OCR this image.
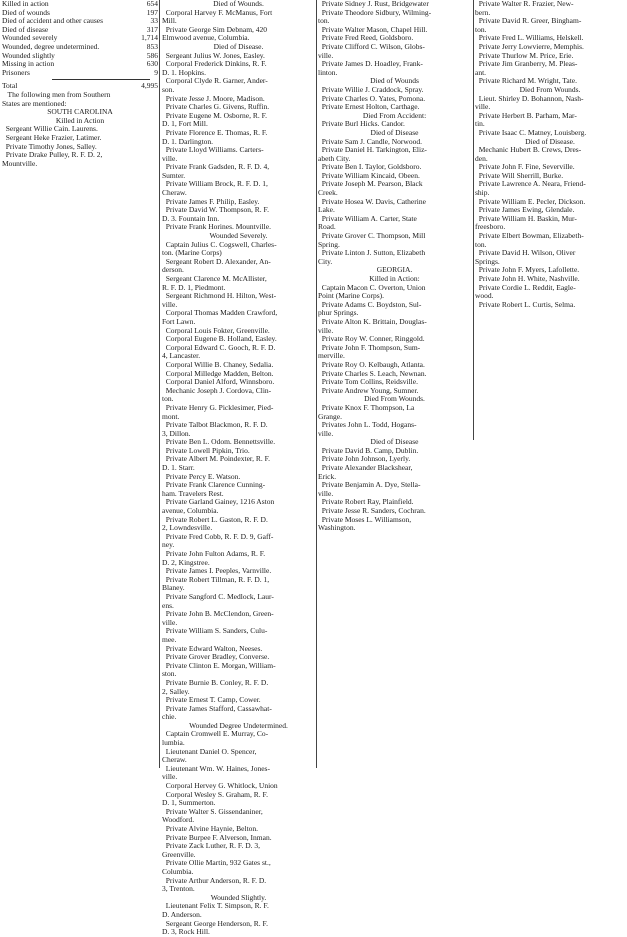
Killed in action	654
Died of wounds	197
Died of accident and other causes	33
Died of disease	317
Wounded severely	1,714
Wounded, degree undetermined.	853
Wounded slightly	586
Missing in action	630
Prisoners	9
Total	4,995
The following men from Southern
States are mentioned:
SOUTH CAROLINA
Killed in Action
Sergeant Willie Cain. Laurens.
Sergeant Heke Frazier, Latimer.
Private Timothy Jones, Salley.
Private Drake Pulley, R. F. D. 2,
Mountville.
Died of Wounds.
Corporal Harvey F. McManus, Fort
Mill.
Private George Sim Debnam, 420
Elmwood avenue, Columbia.
Died of Disease.
Sergeant Julius W. Jones, Easley.
Corporal Frederick Dinkins, R. F.
D. 1. Hopkins.
Corporal Clyde R. Garner, Ander-
son.
Private Jesse J. Moore, Madison.
Private Charles G. Givens, Ruffin.
Private Eugene M. Osborne, R. F.
D. 1, Fort Mill.
Private Florence E. Thomas, R. F.
D. 1. Darlington.
Private Lloyd Williams. Carters-
ville.
Private Frank Gadsden, R. F. D. 4,
Sumter.
Private William Brock, R. F. D. 1,
Cheraw.
Private James F. Philip, Easley.
Private David W. Thompson, R. F.
D. 3. Fountain Inn.
Private Frank Horines. Mountville.
Wounded Severely.
Captain Julius C. Cogswell, Charles-
ton. (Marine Corps)
Sergeant Robert D. Alexander, An-
derson.
Sergeant Clarence M. McAllister,
R. F. D. 1, Piedmont.
Sergeant Richmond H. Hilton, West-
ville.
Corporal Thomas Madden Crawford,
Fort Lawn.
Corporal Louis Fokter, Greenville.
Corporal Eugene B. Holland, Easley.
Corporal Edward C. Gooch, R. F. D.
4, Lancaster.
Corporal Willie B. Chaney, Sedalia.
Corporal Milledge Madden, Belton.
Corporal Daniel Alford, Winnsboro.
Mechanic Joseph J. Cordova, Clin-
ton.
Private Henry G. Picklesimer, Pied-
mont.
Private Talbot Blackmon, R. F. D.
3, Dillon.
Private Ben L. Odom. Bennettsville.
Private Lowell Pipkin, Trio.
Private Albert M. Poindexter, R. F.
D. 1. Starr.
Private Percy E. Watson.
Private Frank Clarence Cunning-
ham. Travelers Rest.
Private Garland Gainey, 1216 Aston
avenue, Columbia.
Private Robert L. Gaston, R. F. D.
2, Lowndesville.
Private Fred Cobb, R. F. D. 9, Gaff-
ney.
Private John Fulton Adams, R. F.
D. 2, Kingstree.
Private James I. Peeples, Varnville.
Private Robert Tillman, R. F. D. 1,
Blaney.
Private Sangford C. Medlock, Laur-
ens.
Private John B. McClendon, Green-
ville.
Private William S. Sanders, Culu-
mee.
Private Edward Walton, Neeses.
Private Grover Bradley, Converse.
Private Clinton E. Morgan, William-
ston.
Private Burnie B. Conley, R. F. D.
2, Salley.
Private Ernest T. Camp, Cower.
Private James Stafford, Cassawhat-
chie.
Wounded Degree Undetermined.
Captain Cromwell E. Murray, Co-
lumbia.
Lieutenant Daniel O. Spencer,
Cheraw.
Lieutenant Wm. W. Haines, Jones-
ville.
Corporal Hervey G. Whitlock, Union
Corporal Wesley S. Graham, R. F.
D. 1, Summerton.
Private Walter S. Gissendaniner,
Woodford.
Private Alvine Haynie, Belton.
Private Burpee F. Alverson, Inman.
Private Zack Luther, R. F. D. 3,
Greenville.
Private Ollie Martin, 932 Gates st.,
Columbia.
Private Arthur Anderson, R. F. D.
3, Trenton.
Wounded Slightly.
Lieutenant Felix T. Simpson, R. F.
D. Anderson.
Sergeant George Henderson, R. F.
D. 3, Rock Hill.
Private Sidney J. Rust, Bridgewater
Private Theodore Sidbury, Wilming-
ton.
Private Walter Mason, Chapel Hill.
Private Fred Reed, Goldsboro.
Private Clifford C. Wilson, Globs-
ville.
Private James D. Hoadley, Frank-
linton.
Died of Wounds
Private Willie J. Craddock, Spray.
Private Charles O. Yates, Pomona.
Private Ernest Holton, Carthage.
Died From Accident:
Private Burl Hicks. Candor.
Died of Disease
Private Sam J. Candle, Norwood.
Private Daniel H. Tarkington, Eliz-
abeth City.
Private Ben I. Taylor, Goldsboro.
Private William Kincaid, Obeen.
Private Joseph M. Pearson, Black
Creek.
Private Hosea W. Davis, Catherine
Lake.
Private William A. Carter, State
Road.
Private Grover C. Thompson, Mill
Spring.
Private Linton J. Sutton, Elizabeth
City.
GEORGIA.
Killed in Action:
Captain Macon C. Overton, Union
Point (Marine Corps).
Private Adams C. Boydston, Sul-
phur Springs.
Private Alton K. Brittain, Douglas-
ville.
Private Roy W. Conner, Ringgold.
Private John F. Thompson, Sum-
merville.
Private Roy O. Kelbaugh, Atlanta.
Private Charles S. Leach, Newnan.
Private Tom Collins, Reidsville.
Private Andrew Young, Sumner.
Died From Wounds.
Private Knox F. Thompson, La
Grange.
Privates John L. Todd, Hogans-
ville.
Died of Disease
Private David B. Camp, Dublin.
Private John Johnson, Lyerly.
Private Alexander Blackshear,
Erick.
Private Benjamin A. Dye, Stella-
ville.
Private Robert Ray, Plainfield.
Private Jesse R. Sanders, Cochran.
Private Moses L. Williamson,
Washington.
Private Walter R. Frazier, New-
bern.
Private David R. Greer, Bingham-
ton.
Private Fred L. Williams, Helskell.
Private Jerry Lowvierre, Memphis.
Private Thurlow M. Price, Erie.
Private Jim Granberry, M. Pleas-
ant.
Private Richard M. Wright, Tate.
Died From Wounds.
Lieut. Shirley D. Bohannon, Nash-
ville.
Private Herbert B. Parham, Mar-
tin.
Private Isaac C. Matney, Louisberg.
Died of Disease.
Mechanic Hubert B. Crews, Dres-
den.
Private John F. Fine, Severville.
Private Will Sherrill, Burke.
Private Lawrence A. Neara, Friend-
ship.
Private William E. Pecler, Dickson.
Private James Ewing, Glendale.
Private William H. Baskin, Mur-
freesboro.
Private Elbert Bowman, Elizabeth-
ton.
Private David H. Wilson, Oliver
Springs.
Private John F. Myers, Lafollette.
Private John H. White, Nashville.
Private Cordie L. Reddit, Eagle-
wood.
Private Robert L. Curtis, Selma.
